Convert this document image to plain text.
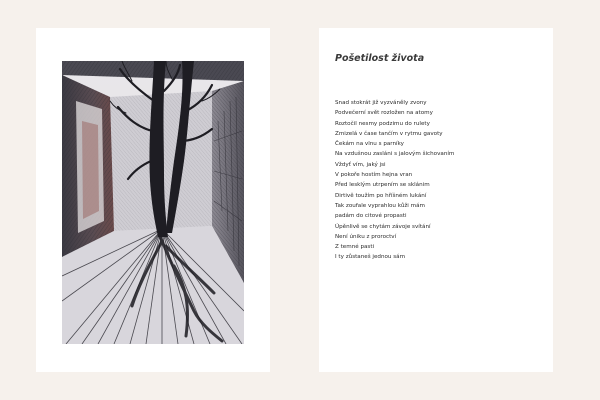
Pošetilost života
Snad stokrát již vyzváněly zvony
Podvečerní svět rozložen na atomy
Roztočil nesmy podzimu do rulety
Zmizelá v čase tančím v rytmu gavoty
Čekám na vlnu s parníky
Na vzdušnou zasláni s jalovým šichovaním
Vždyť vím, jaký jsi
V pokoře hostím hejna vran
Před lesklým utrpením se sklánim
Dirtivě toužím po hříšném lukání
Tak zoufale vyprahlou kůži mám
padám do citové propasti
Úpěnlivě se chytám závoje svítání
Není úniku z proroctví
Z temné pasti
I ty zůstaneš jednou sám
